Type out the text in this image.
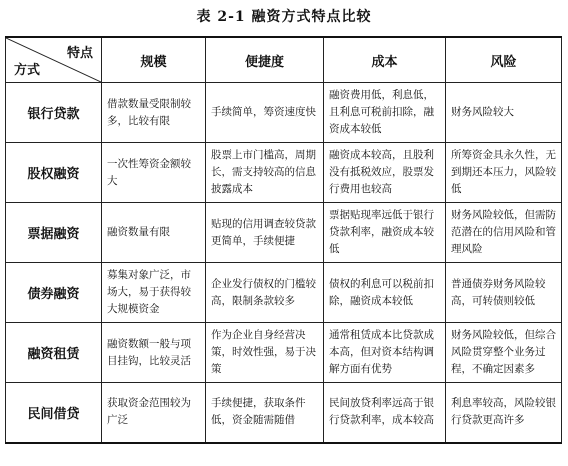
表 2-1 融资方式特点比较
特点
方式	规模	便捷度	成本	风险
银行贷款	借款数量受限制较多，比较有限	手续简单，筹资速度快	融资费用低，利息低，且利息可税前扣除，融资成本较低	财务风险较大
股权融资	一次性筹资金额较大	股票上市门槛高，周期长，需支持较高的信息披露成本	融资成本较高，且股利没有抵税效应，股票发行费用也较高	所筹资金具永久性，无到期还本压力，风险较低
票据融资	融资数量有限	贴现的信用调查较贷款更简单，手续便捷	票据贴现率远低于银行贷款利率，融资成本较低	财务风险较低，但需防范潜在的信用风险和管理风险
债券融资	募集对象广泛，市场大，易于获得较大规模资金	企业发行债权的门槛较高，限制条款较多	债权的利息可以税前扣除，融资成本较低	普通债券财务风险较高，可转债则较低
融资租赁	融资数额一般与项目挂钩，比较灵活	作为企业自身经营决策，时效性强，易于决策	通常租赁成本比贷款成本高，但对资本结构调解方面有优势	财务风险较低，但综合风险贯穿整个业务过程，不确定因素多
民间借贷	获取资金范围较为广泛	手续便捷，获取条件低，资金随需随借	民间放贷利率远高于银行贷款利率，成本较高	利息率较高，风险较银行贷款更高许多
